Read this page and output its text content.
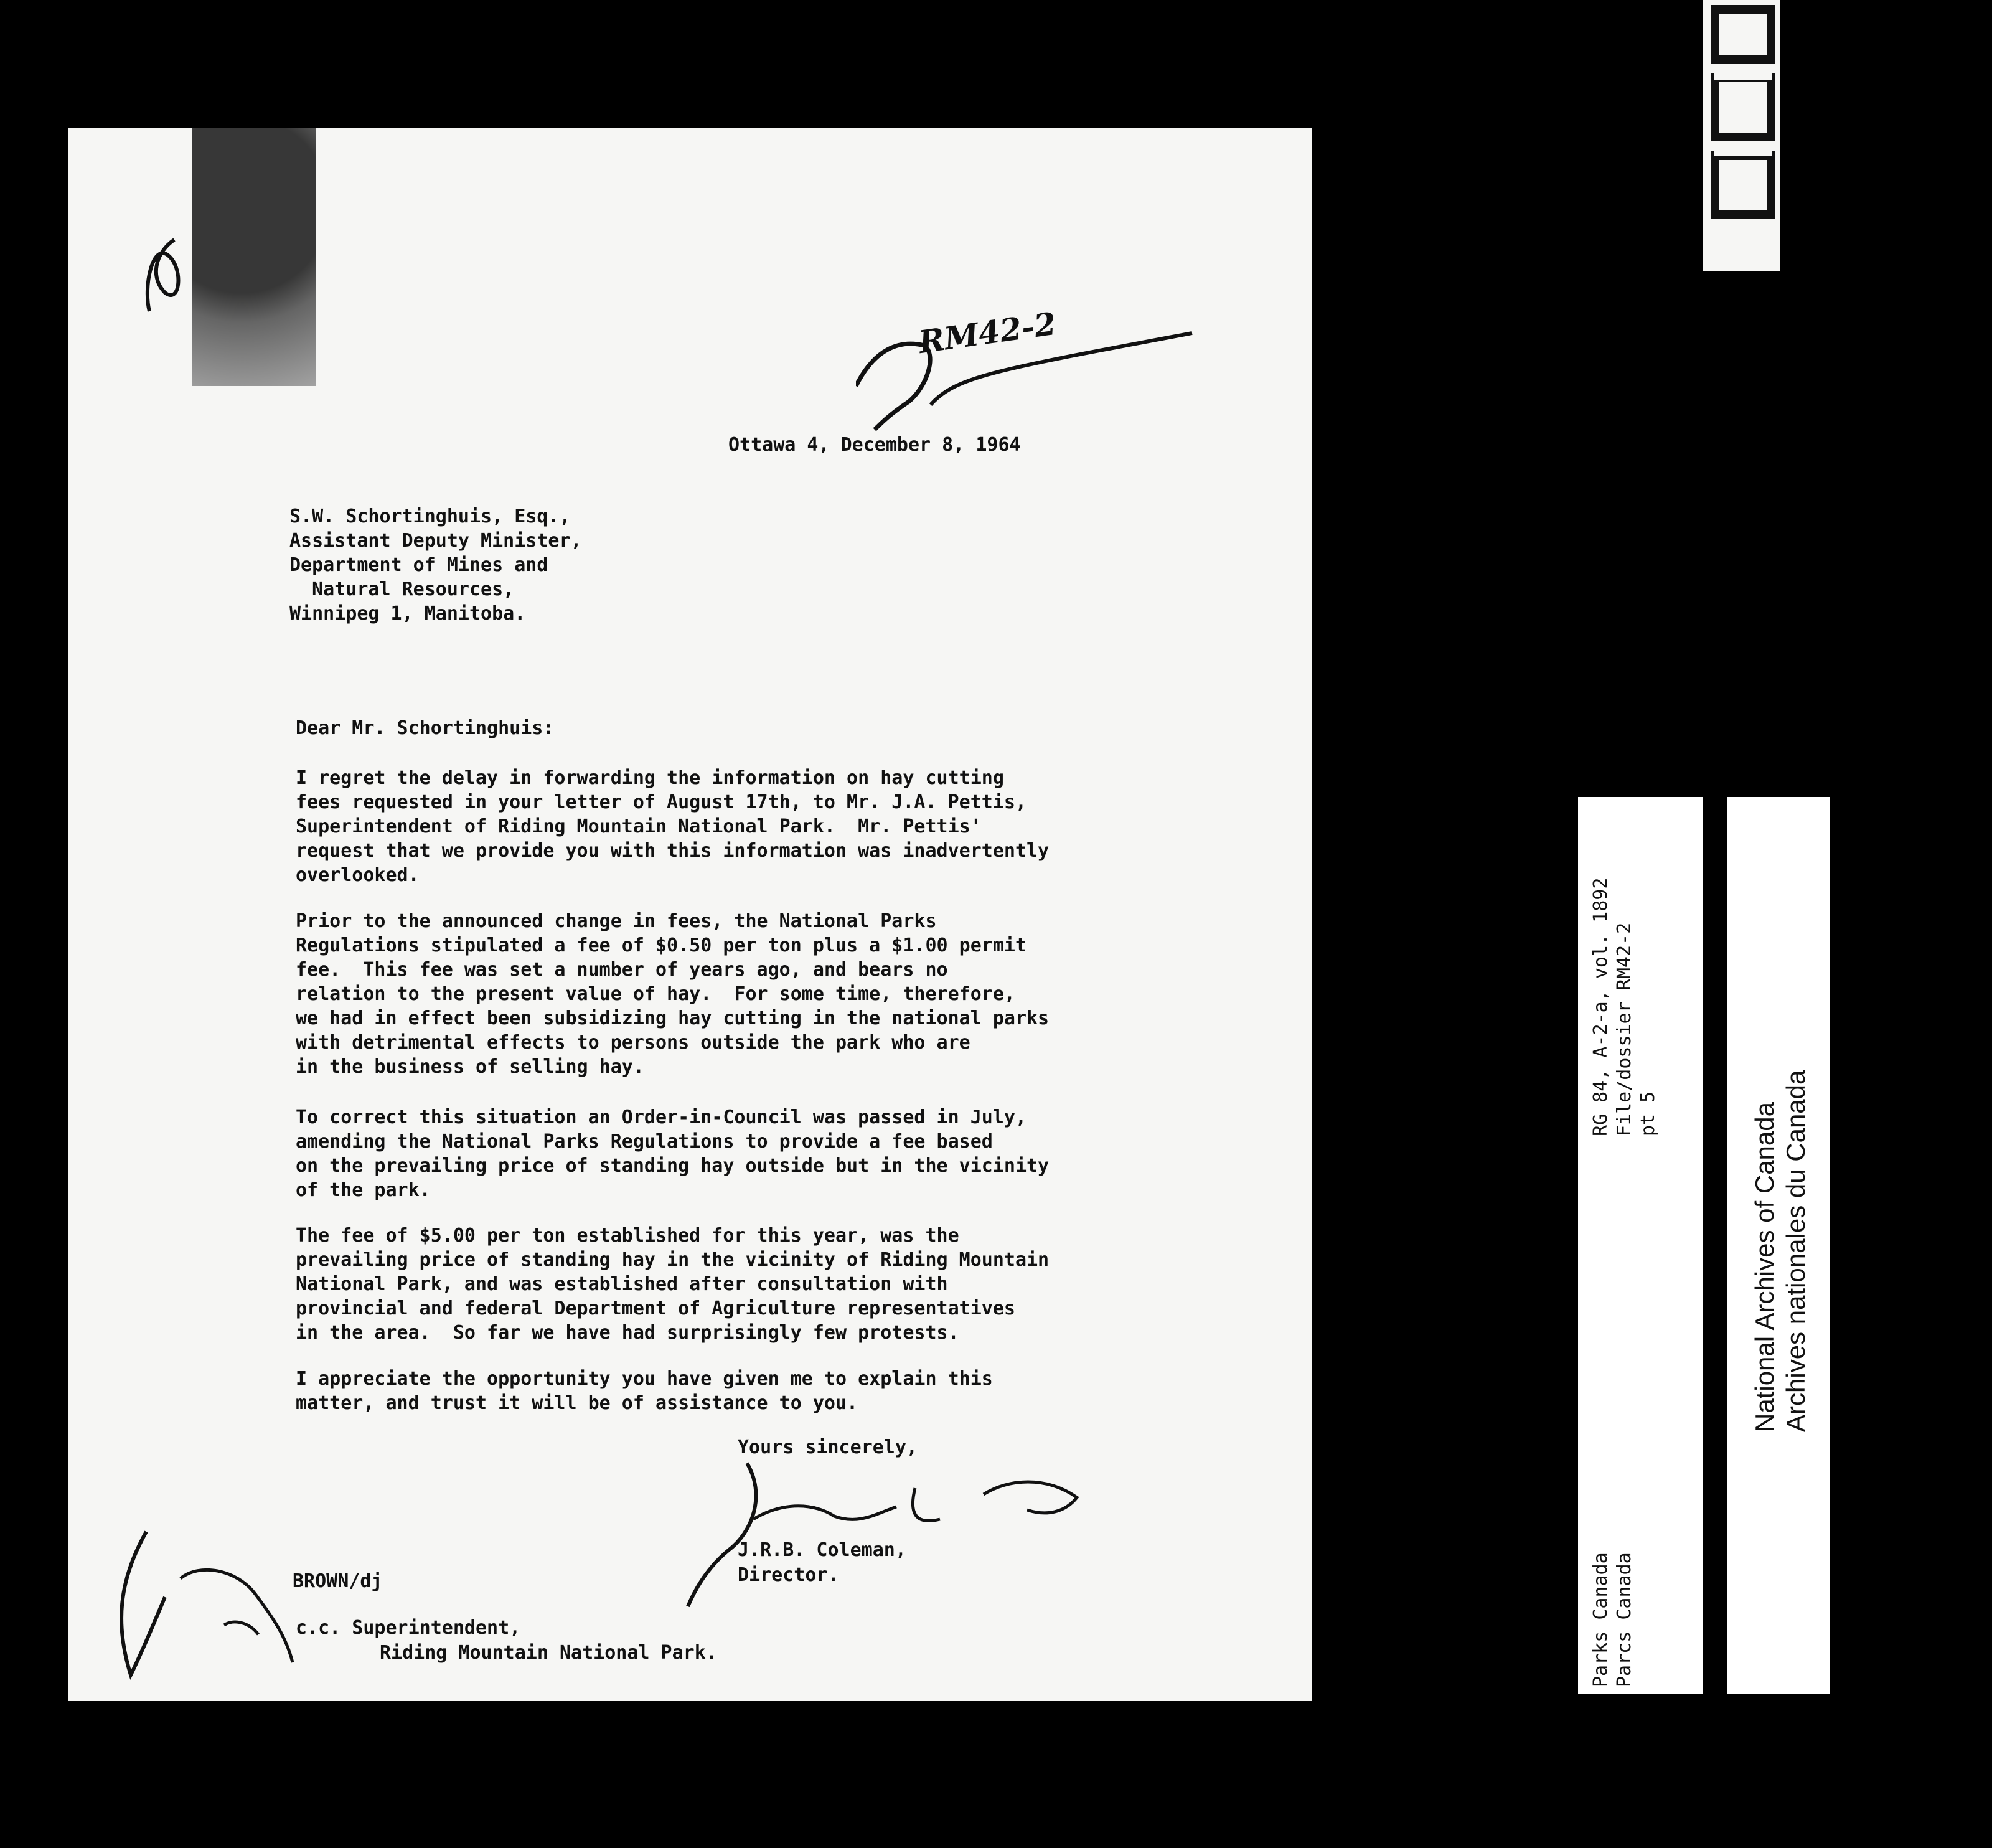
RM42-2
Ottawa 4, December 8, 1964
S.W. Schortinghuis, Esq.,
Assistant Deputy Minister,
Department of Mines and
Natural Resources,
Winnipeg 1, Manitoba.
Dear Mr. Schortinghuis:
I regret the delay in forwarding the information on hay cutting
fees requested in your letter of August 17th, to Mr. J.A. Pettis,
Superintendent of Riding Mountain National Park.  Mr. Pettis'
request that we provide you with this information was inadvertently
overlooked.
Prior to the announced change in fees, the National Parks
Regulations stipulated a fee of $0.50 per ton plus a $1.00 permit
fee.  This fee was set a number of years ago, and bears no
relation to the present value of hay.  For some time, therefore,
we had in effect been subsidizing hay cutting in the national parks
with detrimental effects to persons outside the park who are
in the business of selling hay.
To correct this situation an Order-in-Council was passed in July,
amending the National Parks Regulations to provide a fee based
on the prevailing price of standing hay outside but in the vicinity
of the park.
The fee of $5.00 per ton established for this year, was the
prevailing price of standing hay in the vicinity of Riding Mountain
National Park, and was established after consultation with
provincial and federal Department of Agriculture representatives
in the area.  So far we have had surprisingly few protests.
I appreciate the opportunity you have given me to explain this
matter, and trust it will be of assistance to you.
Yours sincerely,
J.R.B. Coleman,
Director.
BROWN/dj
c.c. Superintendent,
Riding Mountain National Park.	Parks Canada Parcs Canada
RG 84, A-2-a, vol. 1892 File/dossier RM42-2 pt 5	National Archives of Canada Archives nationales du Canada
